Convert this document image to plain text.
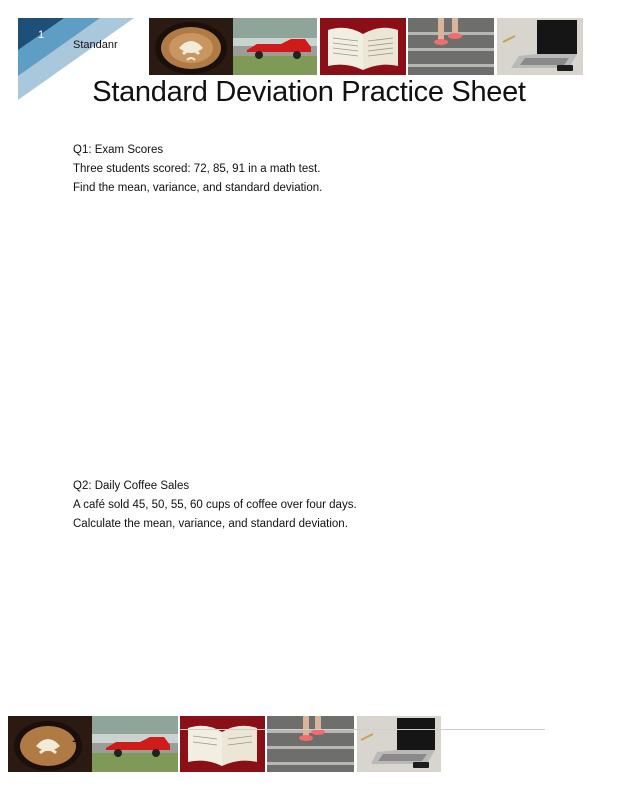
1
Standanr
Standard Deviation Practice Sheet
Q1: Exam Scores
Three students scored: 72, 85, 91 in a math test.
Find the mean, variance, and standard deviation.
Q2: Daily Coffee Sales
A café sold 45, 50, 55, 60 cups of coffee over four days.
Calculate the mean, variance, and standard deviation.
1
